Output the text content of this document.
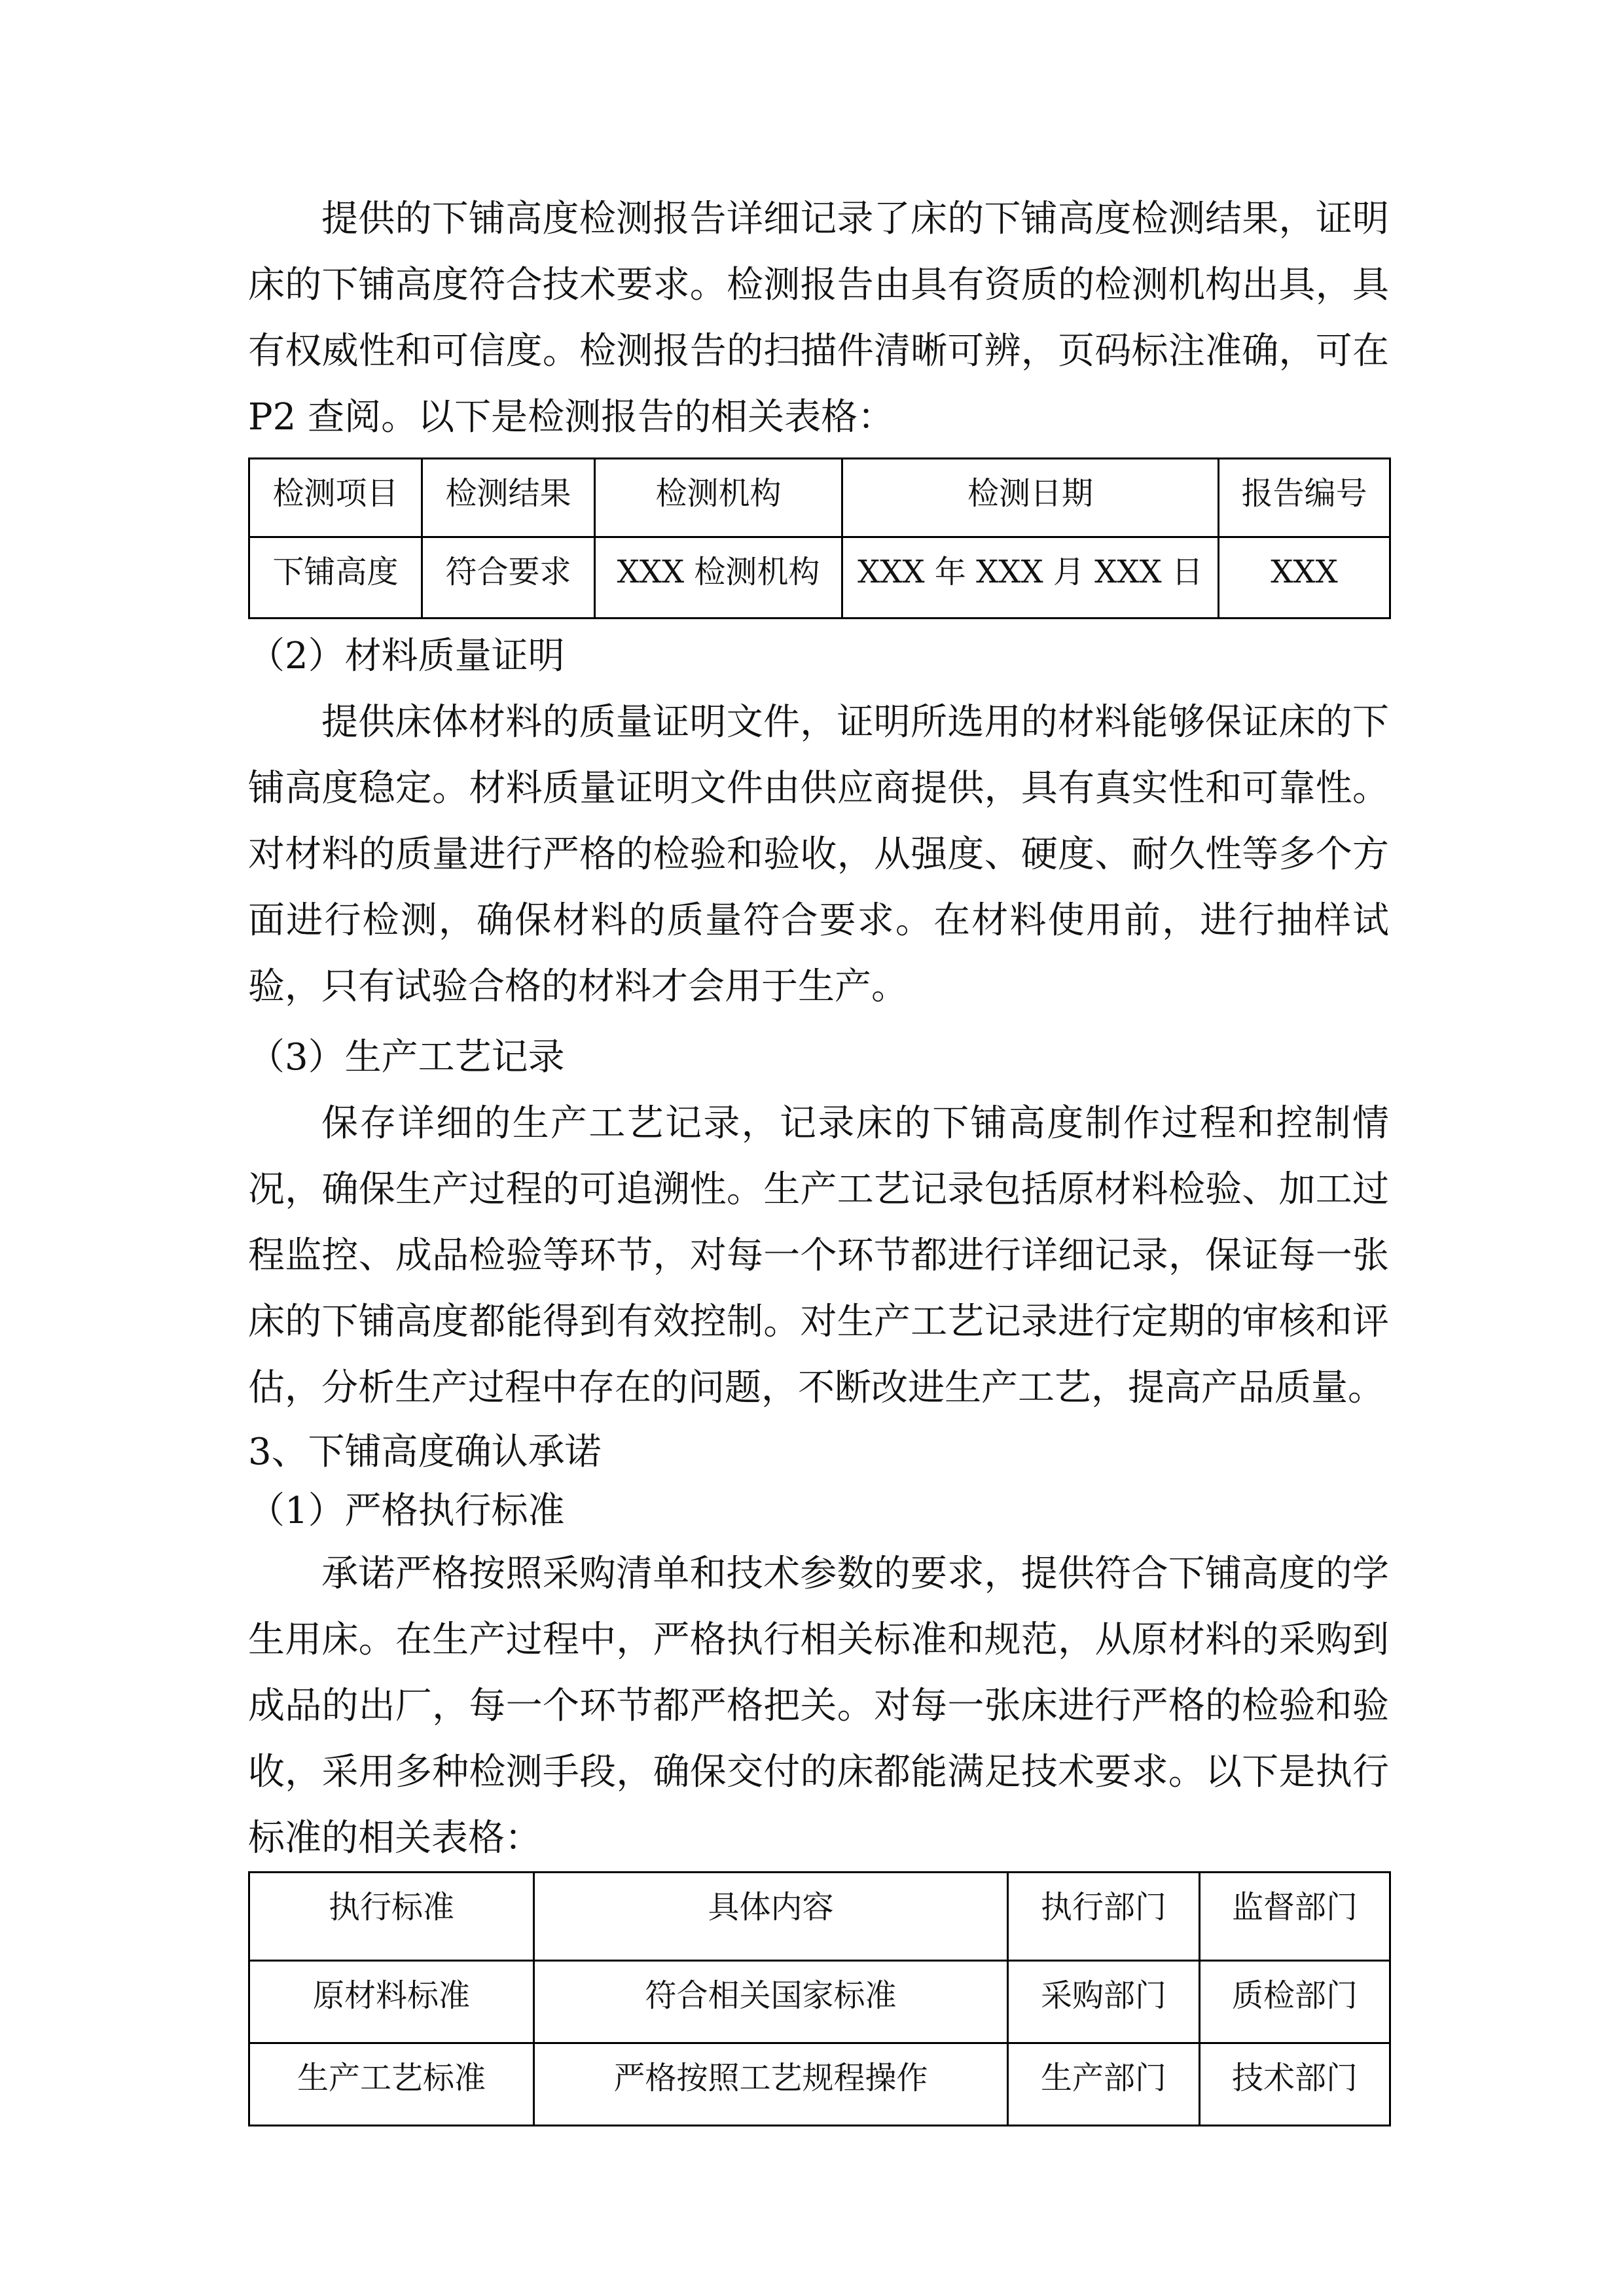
提供的下铺高度检测报告详细记录了床的下铺高度检测结果，证明床的下铺高度符合技术要求。检测报告由具有资质的检测机构出具，具有权威性和可信度。检测报告的扫描件清晰可辨，页码标注准确，可在 P2 查阅。以下是检测报告的相关表格：

检测项目	检测结果	检测机构	检测日期	报告编号
下铺高度	符合要求	XXX 检测机构	XXX 年 XXX 月 XXX 日	XXX

（2）材料质量证明

提供床体材料的质量证明文件，证明所选用的材料能够保证床的下铺高度稳定。材料质量证明文件由供应商提供，具有真实性和可靠性。对材料的质量进行严格的检验和验收，从强度、硬度、耐久性等多个方面进行检测，确保材料的质量符合要求。在材料使用前，进行抽样试验，只有试验合格的材料才会用于生产。

（3）生产工艺记录

保存详细的生产工艺记录，记录床的下铺高度制作过程和控制情况，确保生产过程的可追溯性。生产工艺记录包括原材料检验、加工过程监控、成品检验等环节，对每一个环节都进行详细记录，保证每一张床的下铺高度都能得到有效控制。对生产工艺记录进行定期的审核和评估，分析生产过程中存在的问题，不断改进生产工艺，提高产品质量。

3、下铺高度确认承诺

（1）严格执行标准

承诺严格按照采购清单和技术参数的要求，提供符合下铺高度的学生用床。在生产过程中，严格执行相关标准和规范，从原材料的采购到成品的出厂，每一个环节都严格把关。对每一张床进行严格的检验和验收，采用多种检测手段，确保交付的床都能满足技术要求。以下是执行标准的相关表格：

执行标准	具体内容	执行部门	监督部门
原材料标准	符合相关国家标准	采购部门	质检部门
生产工艺标准	严格按照工艺规程操作	生产部门	技术部门
